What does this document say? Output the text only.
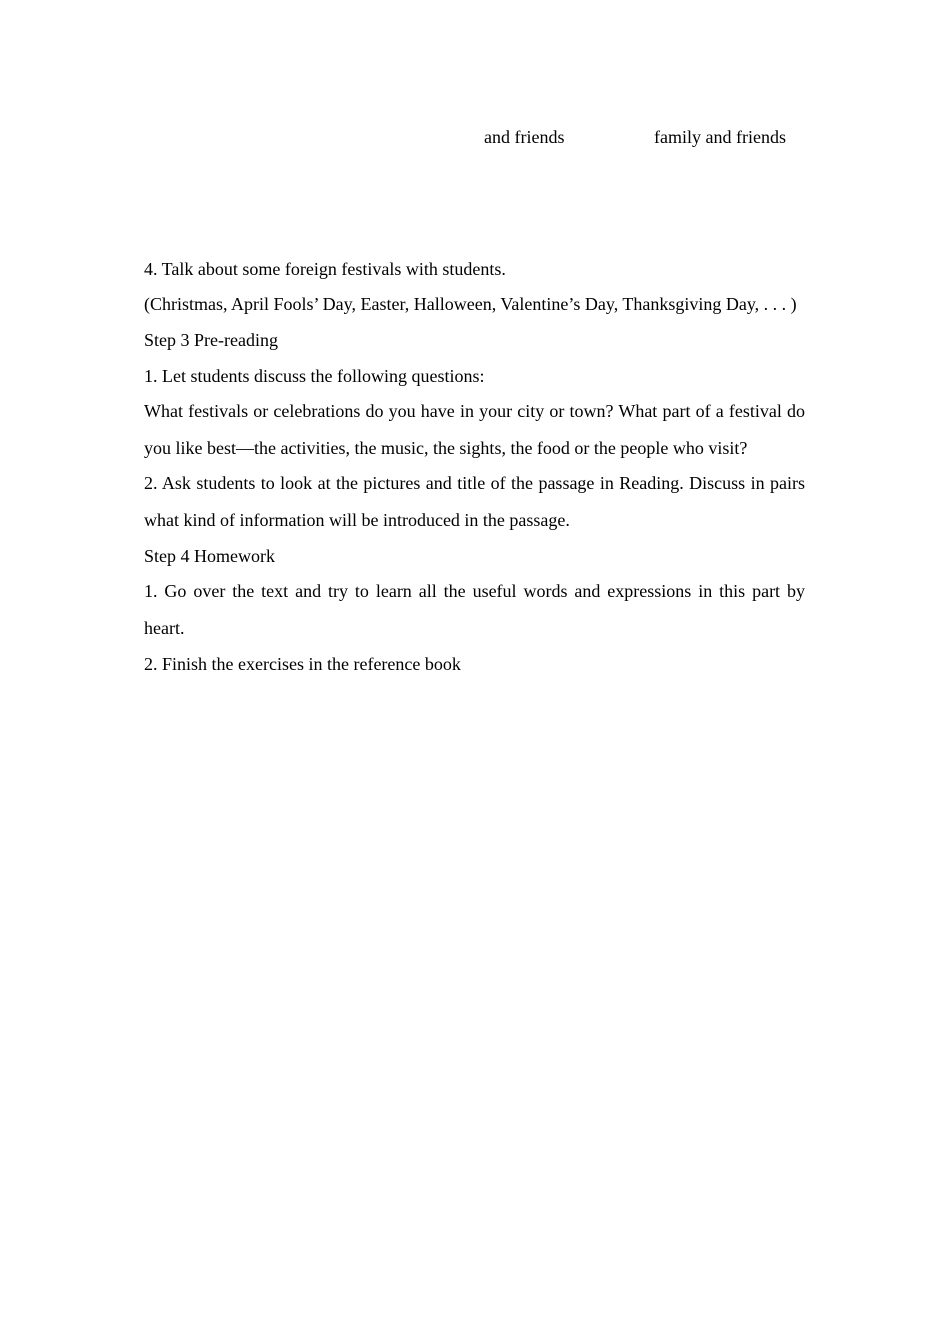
and friends	family and friends

4. Talk about some foreign festivals with students.

(Christmas, April Fools’ Day, Easter, Halloween, Valentine’s Day, Thanksgiving Day, . . . )

Step 3 Pre-reading

1. Let students discuss the following questions:

What festivals or celebrations do you have in your city or town? What part of a festival do you like best—the activities, the music, the sights, the food or the people who visit?

2. Ask students to look at the pictures and title of the passage in Reading. Discuss in pairs what kind of information will be introduced in the passage.

Step 4 Homework

1. Go over the text and try to learn all the useful words and expressions in this part by heart.

2. Finish the exercises in the reference book
